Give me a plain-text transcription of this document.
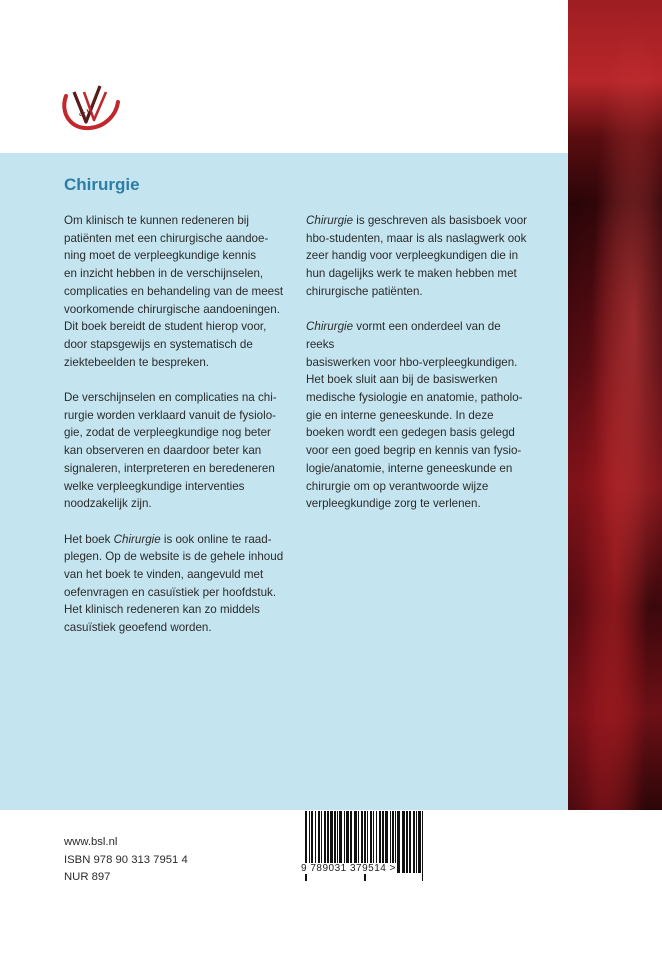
&V
Chirurgie

Om klinisch te kunnen redeneren bij
patiënten met een chirurgische aandoe-
ning moet de verpleegkundige kennis
en inzicht hebben in de verschijnselen,
complicaties en behandeling van de meest
voorkomende chirurgische aandoeningen.
Dit boek bereidt de student hierop voor,
door stapsgewijs en systematisch de
ziektebeelden te bespreken.

De verschijnselen en complicaties na chi-
rurgie worden verklaard vanuit de fysiolo-
gie, zodat de verpleegkundige nog beter
kan observeren en daardoor beter kan
signaleren, interpreteren en beredeneren
welke verpleegkundige interventies
noodzakelijk zijn.

Het boek Chirurgie is ook online te raad-
plegen. Op de website is de gehele inhoud
van het boek te vinden, aangevuld met
oefenvragen en casuïstiek per hoofdstuk.
Het klinisch redeneren kan zo middels
casuïstiek geoefend worden.

Chirurgie is geschreven als basisboek voor
hbo-studenten, maar is als naslagwerk ook
zeer handig voor verpleegkundigen die in
hun dagelijks werk te maken hebben met
chirurgische patiënten.

Chirurgie vormt een onderdeel van de reeks
basiswerken voor hbo-verpleegkundigen.
Het boek sluit aan bij de basiswerken
medische fysiologie en anatomie, patholo-
gie en interne geneeskunde. In deze
boeken wordt een gedegen basis gelegd
voor een goed begrip en kennis van fysio-
logie/anatomie, interne geneeskunde en
chirurgie om op verantwoorde wijze
verpleegkundige zorg te verlenen.

www.bsl.nl
ISBN 978 90 313 7951 4
NUR 897
9 789031 379514 >
